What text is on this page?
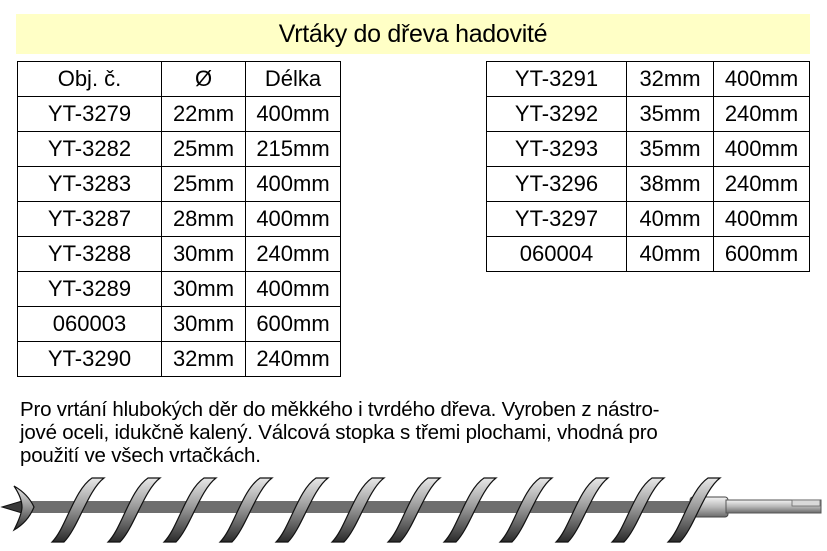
Vrtáky do dřeva hadovité
Obj. č.	Ø	Délka
YT-3279	22mm	400mm
YT-3282	25mm	215mm
YT-3283	25mm	400mm
YT-3287	28mm	400mm
YT-3288	30mm	240mm
YT-3289	30mm	400mm
060003	30mm	600mm
YT-3290	32mm	240mm
YT-3291	32mm	400mm
YT-3292	35mm	240mm
YT-3293	35mm	400mm
YT-3296	38mm	240mm
YT-3297	40mm	400mm
060004	40mm	600mm
Pro vrtání hlubokých děr do měkkého i tvrdého dřeva. Vyroben z nástro-
jové oceli, idukčně kalený. Válcová stopka s třemi plochami, vhodná pro
použití ve všech vrtačkách.
